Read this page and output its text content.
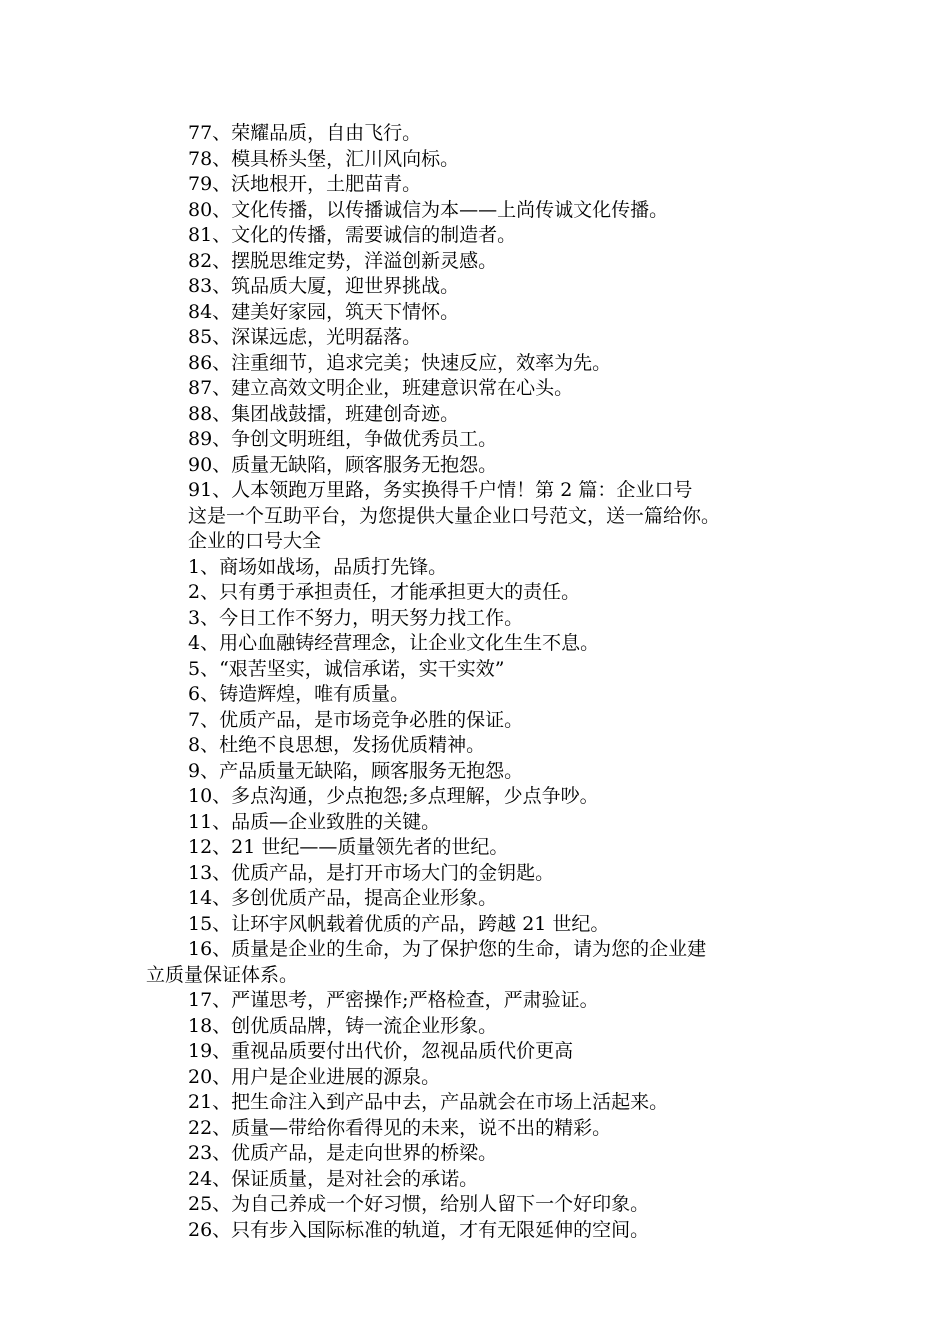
77、荣耀品质，自由飞行。
78、模具桥头堡，汇川风向标。
79、沃地根开，土肥苗青。
80、文化传播，以传播诚信为本——上尚传诚文化传播。
81、文化的传播，需要诚信的制造者。
82、摆脱思维定势，洋溢创新灵感。
83、筑品质大厦，迎世界挑战。
84、建美好家园，筑天下情怀。
85、深谋远虑，光明磊落。
86、注重细节，追求完美；快速反应，效率为先。
87、建立高效文明企业，班建意识常在心头。
88、集团战鼓擂，班建创奇迹。
89、争创文明班组，争做优秀员工。
90、质量无缺陷，顾客服务无抱怨。
91、人本领跑万里路，务实换得千户情！第 2 篇：企业口号
这是一个互助平台，为您提供大量企业口号范文，送一篇给你。
企业的口号大全
1、商场如战场，品质打先锋。
2、只有勇于承担责任，才能承担更大的责任。
3、今日工作不努力，明天努力找工作。
4、用心血融铸经营理念，让企业文化生生不息。
5、“艰苦坚实，诚信承诺，实干实效”
6、铸造辉煌，唯有质量。
7、优质产品，是市场竞争必胜的保证。
8、杜绝不良思想，发扬优质精神。
9、产品质量无缺陷，顾客服务无抱怨。
10、多点沟通，少点抱怨;多点理解，少点争吵。
11、品质—企业致胜的关键。
12、21 世纪——质量领先者的世纪。
13、优质产品，是打开市场大门的金钥匙。
14、多创优质产品，提高企业形象。
15、让环宇风帆载着优质的产品，跨越 21 世纪。
16、质量是企业的生命，为了保护您的生命，请为您的企业建
立质量保证体系。
17、严谨思考，严密操作;严格检查，严肃验证。
18、创优质品牌，铸一流企业形象。
19、重视品质要付出代价，忽视品质代价更高
20、用户是企业进展的源泉。
21、把生命注入到产品中去，产品就会在市场上活起来。
22、质量—带给你看得见的未来，说不出的精彩。
23、优质产品，是走向世界的桥梁。
24、保证质量，是对社会的承诺。
25、为自己养成一个好习惯，给别人留下一个好印象。
26、只有步入国际标准的轨道，才有无限延伸的空间。
